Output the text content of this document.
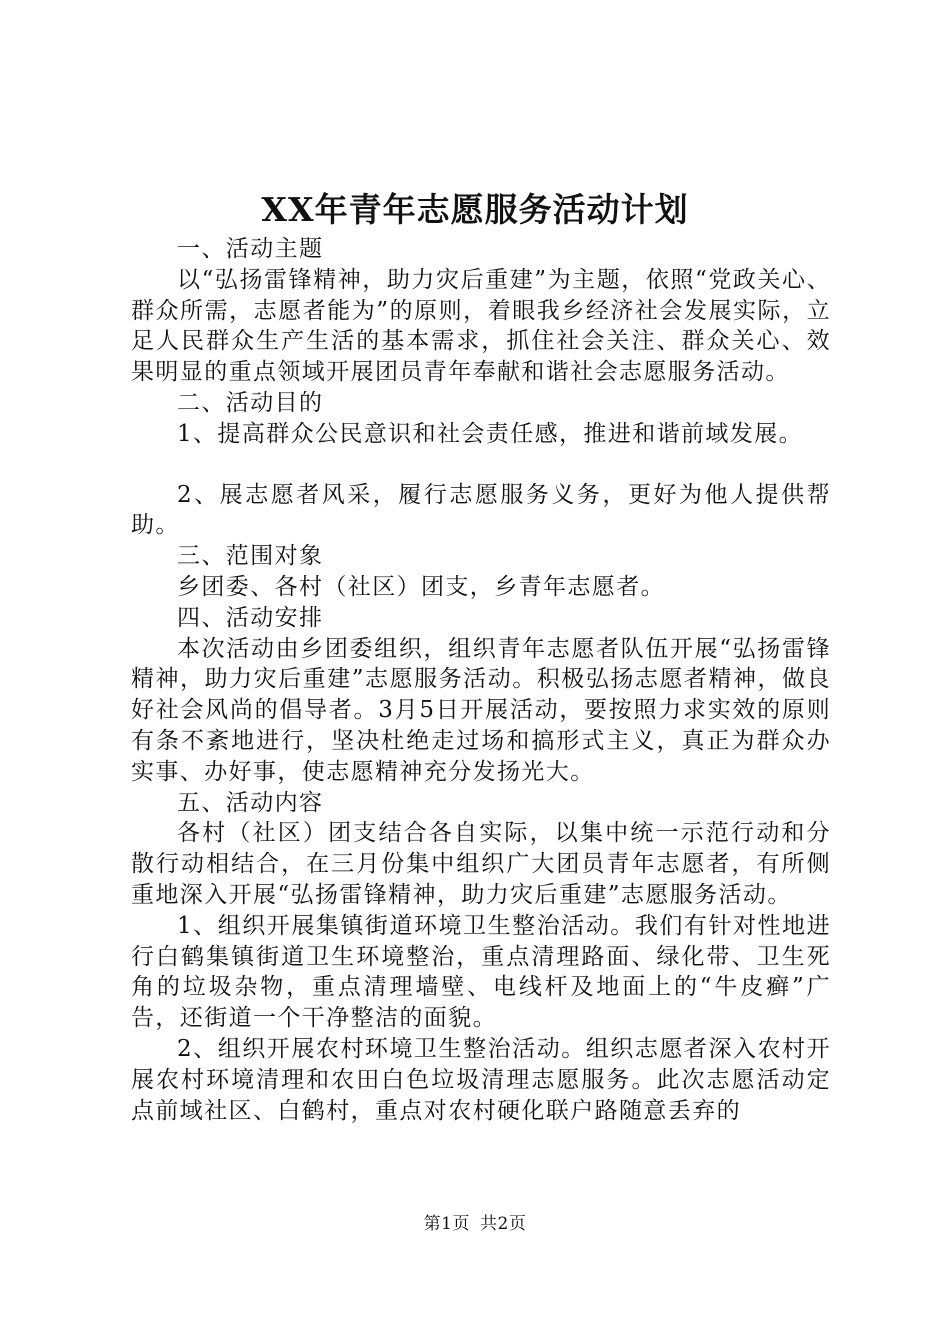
XX年青年志愿服务活动计划

一、活动主题

以“弘扬雷锋精神，助力灾后重建”为主题，依照“党政关心、群众所需，志愿者能为”的原则，着眼我乡经济社会发展实际，立足人民群众生产生活的基本需求，抓住社会关注、群众关心、效果明显的重点领域开展团员青年奉献和谐社会志愿服务活动。

二、活动目的

1、提高群众公民意识和社会责任感，推进和谐前域发展。

2、展志愿者风采，履行志愿服务义务，更好为他人提供帮助。

三、范围对象

乡团委、各村（社区）团支，乡青年志愿者。

四、活动安排

本次活动由乡团委组织，组织青年志愿者队伍开展“弘扬雷锋精神，助力灾后重建”志愿服务活动。积极弘扬志愿者精神，做良好社会风尚的倡导者。3月5日开展活动，要按照力求实效的原则有条不紊地进行，坚决杜绝走过场和搞形式主义，真正为群众办实事、办好事，使志愿精神充分发扬光大。

五、活动内容

各村（社区）团支结合各自实际，以集中统一示范行动和分散行动相结合，在三月份集中组织广大团员青年志愿者，有所侧重地深入开展“弘扬雷锋精神，助力灾后重建”志愿服务活动。

1、组织开展集镇街道环境卫生整治活动。我们有针对性地进行白鹤集镇街道卫生环境整治，重点清理路面、绿化带、卫生死角的垃圾杂物，重点清理墙壁、电线杆及地面上的“牛皮癣”广告，还街道一个干净整洁的面貌。

2、组织开展农村环境卫生整治活动。组织志愿者深入农村开展农村环境清理和农田白色垃圾清理志愿服务。此次志愿活动定点前域社区、白鹤村，重点对农村硬化联户路随意丢弃的

第1页 共2页
